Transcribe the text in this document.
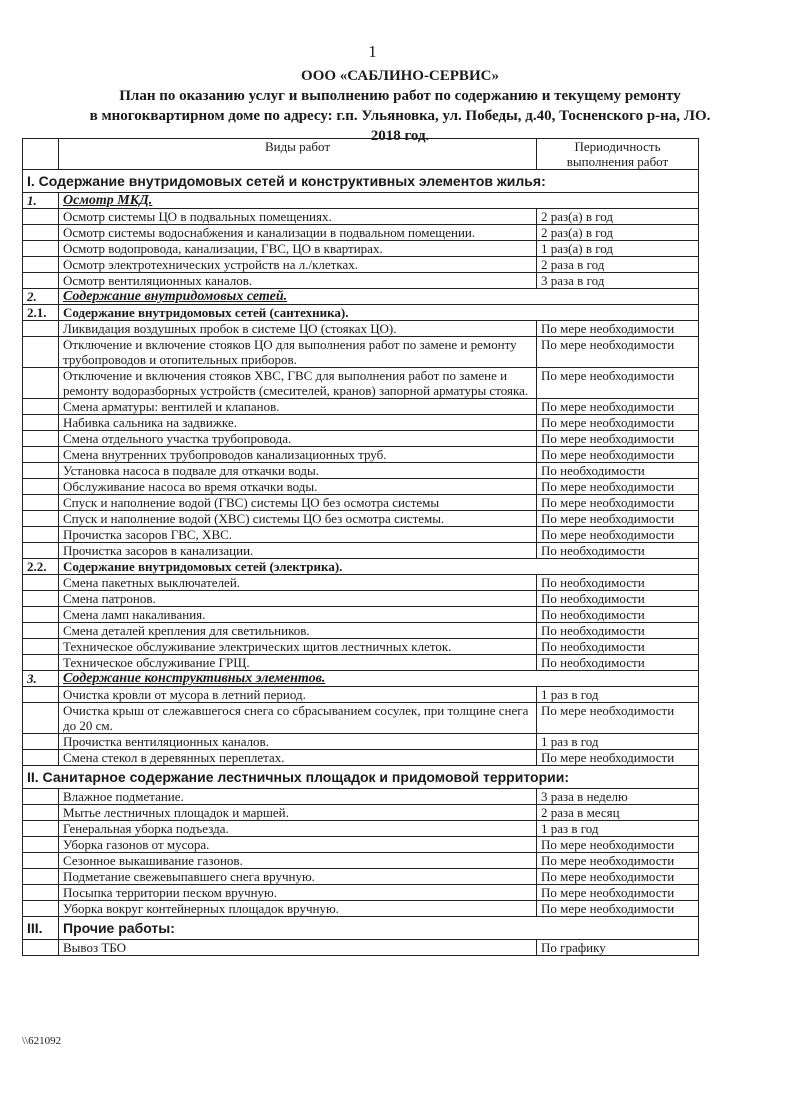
1
ООО «САБЛИНО-СЕРВИС»
План по оказанию услуг и выполнению работ по содержанию и текущему ремонту
в многоквартирном доме по адресу: г.п. Ульяновка, ул. Победы, д.40, Тосненского р-на, ЛО.
2018 год.
	Виды работ	Периодичность выполнения работ
I. Содержание внутридомовых сетей и конструктивных элементов жилья:		
1.	Осмотр МКД.	
	Осмотр системы ЦО в подвальных помещениях.	2 раз(а) в год
	Осмотр системы водоснабжения и канализации в подвальном помещении.	2 раз(а) в год
	Осмотр водопровода, канализации, ГВС, ЦО в квартирах.	1 раз(а) в год
	Осмотр электротехнических устройств на л./клетках.	2 раза в год
	Осмотр вентиляционных каналов.	3 раза в год
2.	Содержание внутридомовых сетей.	
2.1.	Содержание внутридомовых сетей (сантехника).	
	Ликвидация воздушных пробок в системе ЦО (стояках ЦО).	По мере необходимости
	Отключение и включение стояков ЦО для выполнения работ по замене и ремонту трубопроводов и отопительных приборов.	По мере необходимости
	Отключение и включения стояков ХВС, ГВС для выполнения работ по замене и ремонту водоразборных устройств (смесителей, кранов) запорной арматуры стояка.	По мере необходимости
	Смена арматуры: вентилей и клапанов.	По мере необходимости
	Набивка сальника на задвижке.	По мере необходимости
	Смена отдельного участка трубопровода.	По мере необходимости
	Смена внутренних трубопроводов канализационных труб.	По мере необходимости
	Установка насоса в подвале для откачки воды.	По необходимости
	Обслуживание насоса во время откачки воды.	По мере необходимости
	Спуск и наполнение водой (ГВС) системы ЦО без осмотра системы	По мере необходимости
	Спуск и наполнение водой (ХВС) системы ЦО без осмотра системы.	По мере необходимости
	Прочистка засоров ГВС, ХВС.	По мере необходимости
	Прочистка засоров в канализации.	По необходимости
2.2.	Содержание внутридомовых сетей (электрика).	
	Смена пакетных выключателей.	По необходимости
	Смена патронов.	По необходимости
	Смена ламп накаливания.	По необходимости
	Смена деталей крепления для светильников.	По необходимости
	Техническое обслуживание электрических щитов лестничных клеток.	По необходимости
	Техническое обслуживание ГРЩ.	По необходимости
3.	Содержание конструктивных элементов.	
	Очистка кровли от мусора в летний период.	1 раз в год
	Очистка крыш от слежавшегося снега со сбрасыванием сосулек, при толщине снега до 20 см.	По мере необходимости
	Прочистка вентиляционных каналов.	1 раз в год
	Смена стекол в деревянных переплетах.	По мере необходимости
II. Санитарное содержание лестничных площадок и придомовой территории:		
	Влажное подметание.	3 раза в неделю
	Мытье лестничных площадок и маршей.	2 раза в месяц
	Генеральная уборка подъезда.	1 раз в год
	Уборка газонов от мусора.	По мере необходимости
	Сезонное выкашивание газонов.	По мере необходимости
	Подметание свежевыпавшего снега вручную.	По мере необходимости
	Посыпка территории песком вручную.	По мере необходимости
	Уборка вокруг контейнерных площадок вручную.	По мере необходимости
III.	Прочие работы:	
	Вывоз ТБО	По графику
\\621092
